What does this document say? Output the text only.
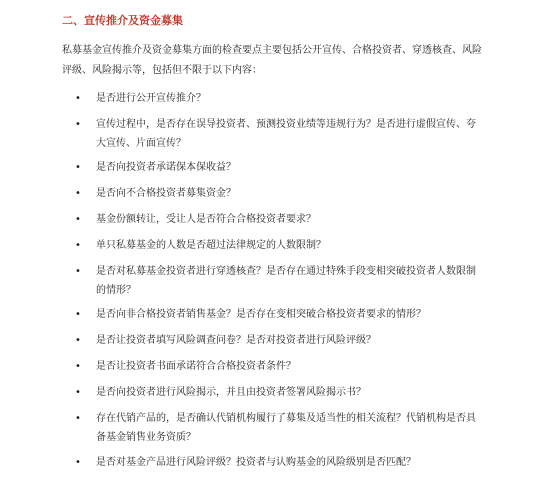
二、宣传推介及资金募集
私募基金宣传推介及资金募集方面的检查要点主要包括公开宣传、合格投资者、穿透核查、风险评级、风险揭示等，包括但不限于以下内容：
•	是否进行公开宣传推介？
•	宣传过程中，是否存在误导投资者、预测投资业绩等违规行为？是否进行虚假宣传、夸大宣传、片面宣传？
•	是否向投资者承诺保本保收益？
•	是否向不合格投资者募集资金？
•	基金份额转让，受让人是否符合合格投资者要求？
•	单只私募基金的人数是否超过法律规定的人数限制？
•	是否对私募基金投资者进行穿透核查？是否存在通过特殊手段变相突破投资者人数限制的情形？
•	是否向非合格投资者销售基金？是否存在变相突破合格投资者要求的情形？
•	是否让投资者填写风险调查问卷？是否对投资者进行风险评级？
•	是否让投资者书面承诺符合合格投资者条件？
•	是否向投资者进行风险揭示，并且由投资者签署风险揭示书？
•	存在代销产品的，是否确认代销机构履行了募集及适当性的相关流程？代销机构是否具备基金销售业务资质？
•	是否对基金产品进行风险评级？投资者与认购基金的风险级别是否匹配？
